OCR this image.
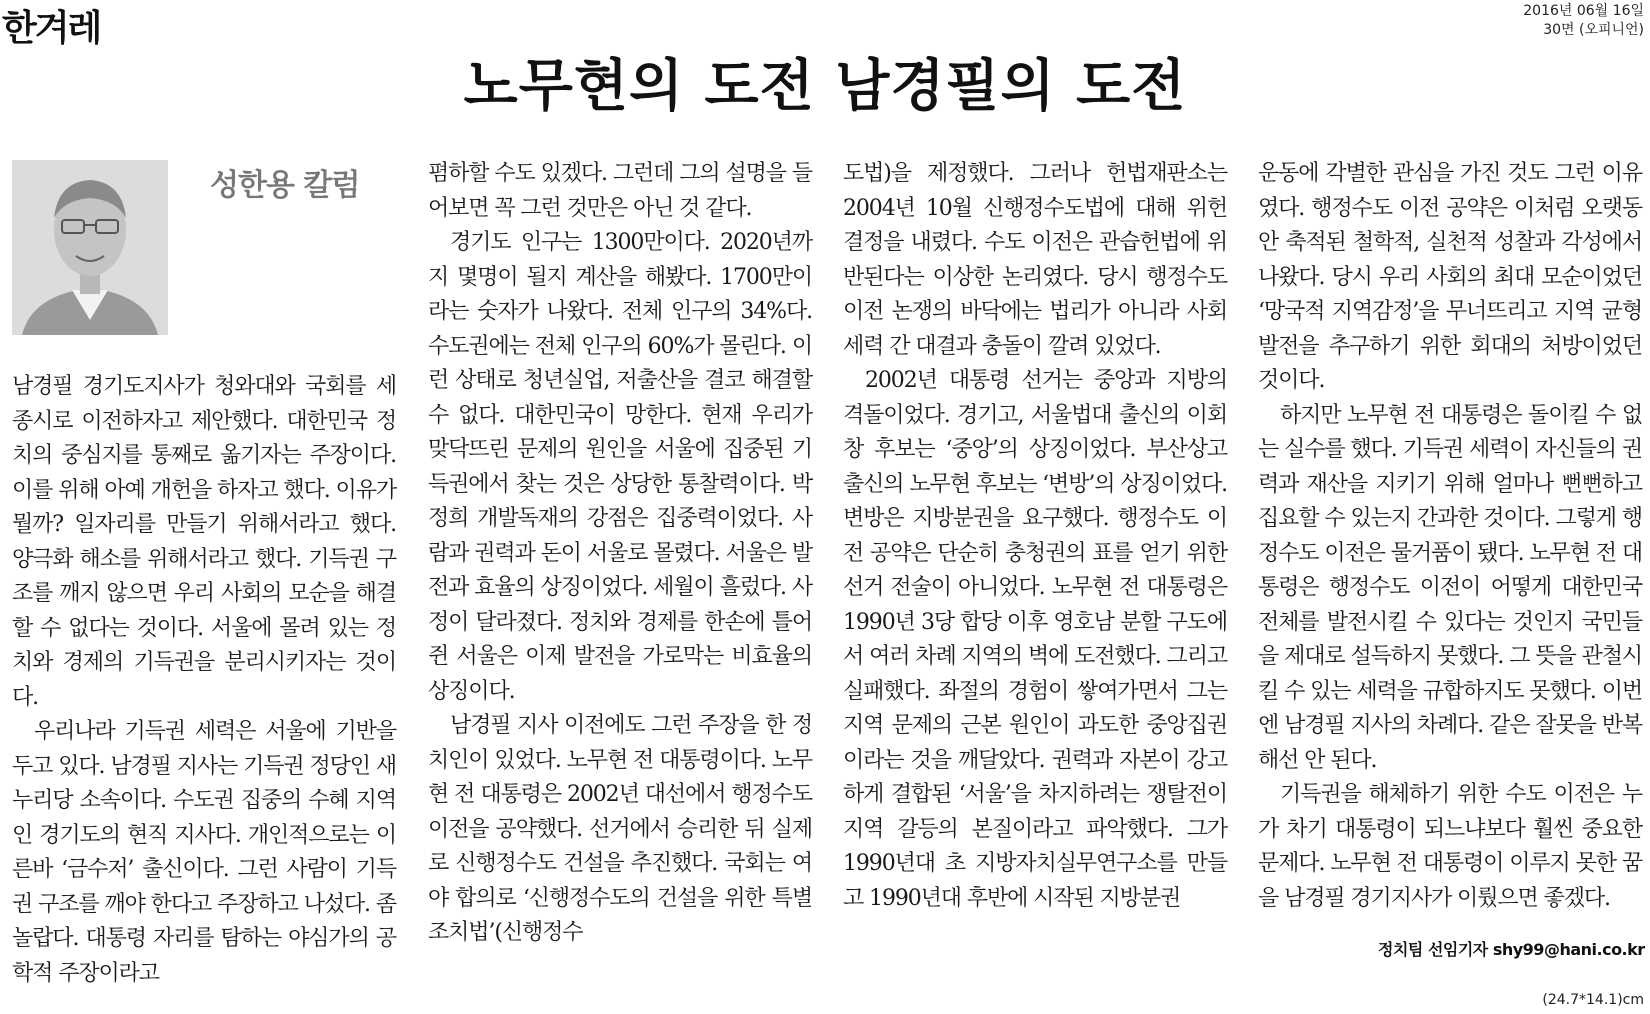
한겨레	2016년 06월 16일
30면 (오피니언)
노무현의 도전 남경필의 도전
성한용 칼럼

남경필 경기도지사가 청와대와 국회를 세종시로 이전하자고 제안했다. 대한민국 정치의 중심지를 통째로 옮기자는 주장이다. 이를 위해 아예 개헌을 하자고 했다. 이유가 뭘까? 일자리를 만들기 위해서라고 했다. 양극화 해소를 위해서라고 했다. 기득권 구조를 깨지 않으면 우리 사회의 모순을 해결할 수 없다는 것이다. 서울에 몰려 있는 정치와 경제의 기득권을 분리시키자는 것이다.

우리나라 기득권 세력은 서울에 기반을 두고 있다. 남경필 지사는 기득권 정당인 새누리당 소속이다. 수도권 집중의 수혜 지역인 경기도의 현직 지사다. 개인적으로는 이른바 ‘금수저’ 출신이다. 그런 사람이 기득권 구조를 깨야 한다고 주장하고 나섰다. 좀 놀랍다. 대통령 자리를 탐하는 야심가의 공학적 주장이라고

폄하할 수도 있겠다. 그런데 그의 설명을 들어보면 꼭 그런 것만은 아닌 것 같다.

경기도 인구는 1300만이다. 2020년까지 몇명이 될지 계산을 해봤다. 1700만이라는 숫자가 나왔다. 전체 인구의 34%다. 수도권에는 전체 인구의 60%가 몰린다. 이런 상태로 청년실업, 저출산을 결코 해결할 수 없다. 대한민국이 망한다. 현재 우리가 맞닥뜨린 문제의 원인을 서울에 집중된 기득권에서 찾는 것은 상당한 통찰력이다. 박정희 개발독재의 강점은 집중력이었다. 사람과 권력과 돈이 서울로 몰렸다. 서울은 발전과 효율의 상징이었다. 세월이 흘렀다. 사정이 달라졌다. 정치와 경제를 한손에 틀어쥔 서울은 이제 발전을 가로막는 비효율의 상징이다.

남경필 지사 이전에도 그런 주장을 한 정치인이 있었다. 노무현 전 대통령이다. 노무현 전 대통령은 2002년 대선에서 행정수도 이전을 공약했다. 선거에서 승리한 뒤 실제로 신행정수도 건설을 추진했다. 국회는 여야 합의로 ‘신행정수도의 건설을 위한 특별조치법’(신행정수

도법)을 제정했다. 그러나 헌법재판소는 2004년 10월 신행정수도법에 대해 위헌 결정을 내렸다. 수도 이전은 관습헌법에 위반된다는 이상한 논리였다. 당시 행정수도 이전 논쟁의 바닥에는 법리가 아니라 사회 세력 간 대결과 충돌이 깔려 있었다.

2002년 대통령 선거는 중앙과 지방의 격돌이었다. 경기고, 서울법대 출신의 이회창 후보는 ‘중앙’의 상징이었다. 부산상고 출신의 노무현 후보는 ‘변방’의 상징이었다. 변방은 지방분권을 요구했다. 행정수도 이전 공약은 단순히 충청권의 표를 얻기 위한 선거 전술이 아니었다. 노무현 전 대통령은 1990년 3당 합당 이후 영호남 분할 구도에서 여러 차례 지역의 벽에 도전했다. 그리고 실패했다. 좌절의 경험이 쌓여가면서 그는 지역 문제의 근본 원인이 과도한 중앙집권이라는 것을 깨달았다. 권력과 자본이 강고하게 결합된 ‘서울’을 차지하려는 쟁탈전이 지역 갈등의 본질이라고 파악했다. 그가 1990년대 초 지방자치실무연구소를 만들고 1990년대 후반에 시작된 지방분권

운동에 각별한 관심을 가진 것도 그런 이유였다. 행정수도 이전 공약은 이처럼 오랫동안 축적된 철학적, 실천적 성찰과 각성에서 나왔다. 당시 우리 사회의 최대 모순이었던 ‘망국적 지역감정’을 무너뜨리고 지역 균형 발전을 추구하기 위한 회대의 처방이었던 것이다.

하지만 노무현 전 대통령은 돌이킬 수 없는 실수를 했다. 기득권 세력이 자신들의 권력과 재산을 지키기 위해 얼마나 뻔뻔하고 집요할 수 있는지 간과한 것이다. 그렇게 행정수도 이전은 물거품이 됐다. 노무현 전 대통령은 행정수도 이전이 어떻게 대한민국 전체를 발전시킬 수 있다는 것인지 국민들을 제대로 설득하지 못했다. 그 뜻을 관철시킬 수 있는 세력을 규합하지도 못했다. 이번엔 남경필 지사의 차례다. 같은 잘못을 반복해선 안 된다.

기득권을 해체하기 위한 수도 이전은 누가 차기 대통령이 되느냐보다 훨씬 중요한 문제다. 노무현 전 대통령이 이루지 못한 꿈을 남경필 경기지사가 이뤘으면 좋겠다.

정치팀 선임기자 shy99@hani.co.kr
(24.7*14.1)cm
